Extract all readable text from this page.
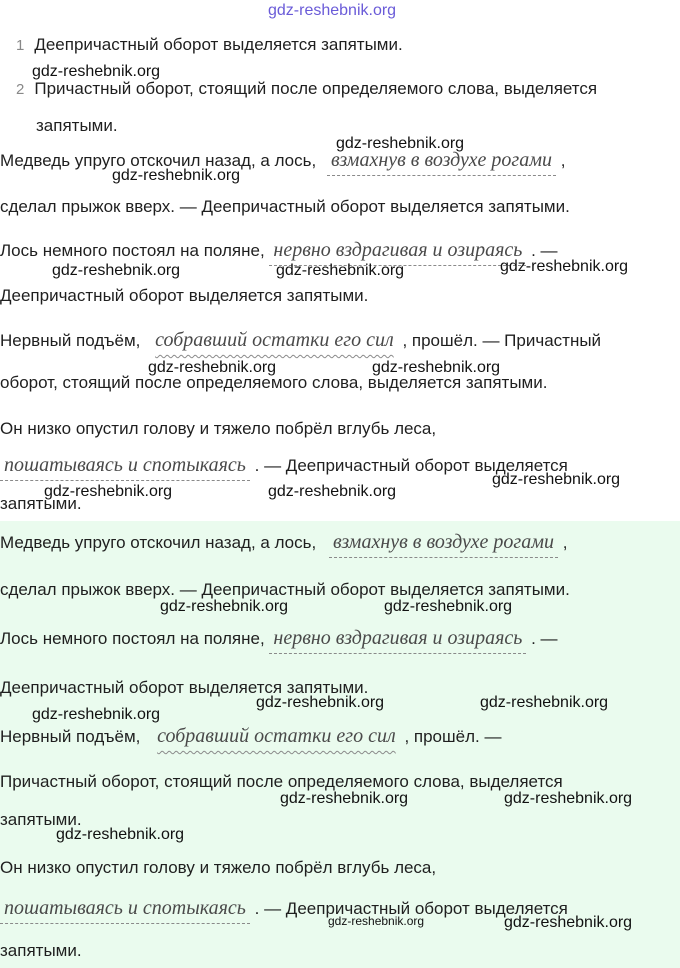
gdz-reshebnik.org
1 Деепричастный оборот выделяется запятыми.
2 Причастный оборот, стоящий после определяемого слова, выделяется
запятыми.
Медведь упруго отскочил назад, а лось, взмахнув в воздухе рогами ,
сделал прыжок вверх. — Деепричастный оборот выделяется запятыми.
Лось немного постоял на поляне, нервно вздрагивая и озираясь . —
Деепричастный оборот выделяется запятыми.
Нервный подъём, собравший остатки его сил , прошёл. — Причастный
оборот, стоящий после определяемого слова, выделяется запятыми.
Он низко опустил голову и тяжело побрёл вглубь леса,
пошатываясь и спотыкаясь . — Деепричастный оборот выделяется
запятыми.
Медведь упруго отскочил назад, а лось, взмахнув в воздухе рогами ,
сделал прыжок вверх. — Деепричастный оборот выделяется запятыми.
Лось немного постоял на поляне, нервно вздрагивая и озираясь . —
Деепричастный оборот выделяется запятыми.
Нервный подъём, собравший остатки его сил , прошёл. —
Причастный оборот, стоящий после определяемого слова, выделяется
запятыми.
Он низко опустил голову и тяжело побрёл вглубь леса,
пошатываясь и спотыкаясь . — Деепричастный оборот выделяется
запятыми.
gdz-reshebnik.org
gdz-reshebnik.org
gdz-reshebnik.org
gdz-reshebnik.org	gdz-reshebnik.org	gdz-reshebnik.org
gdz-reshebnik.org	gdz-reshebnik.org
gdz-reshebnik.org
gdz-reshebnik.org	gdz-reshebnik.org
gdz-reshebnik.org	gdz-reshebnik.org
gdz-reshebnik.org	gdz-reshebnik.org
gdz-reshebnik.org
gdz-reshebnik.org	gdz-reshebnik.org
gdz-reshebnik.org
gdz-reshebnik.org	gdz-reshebnik.org
